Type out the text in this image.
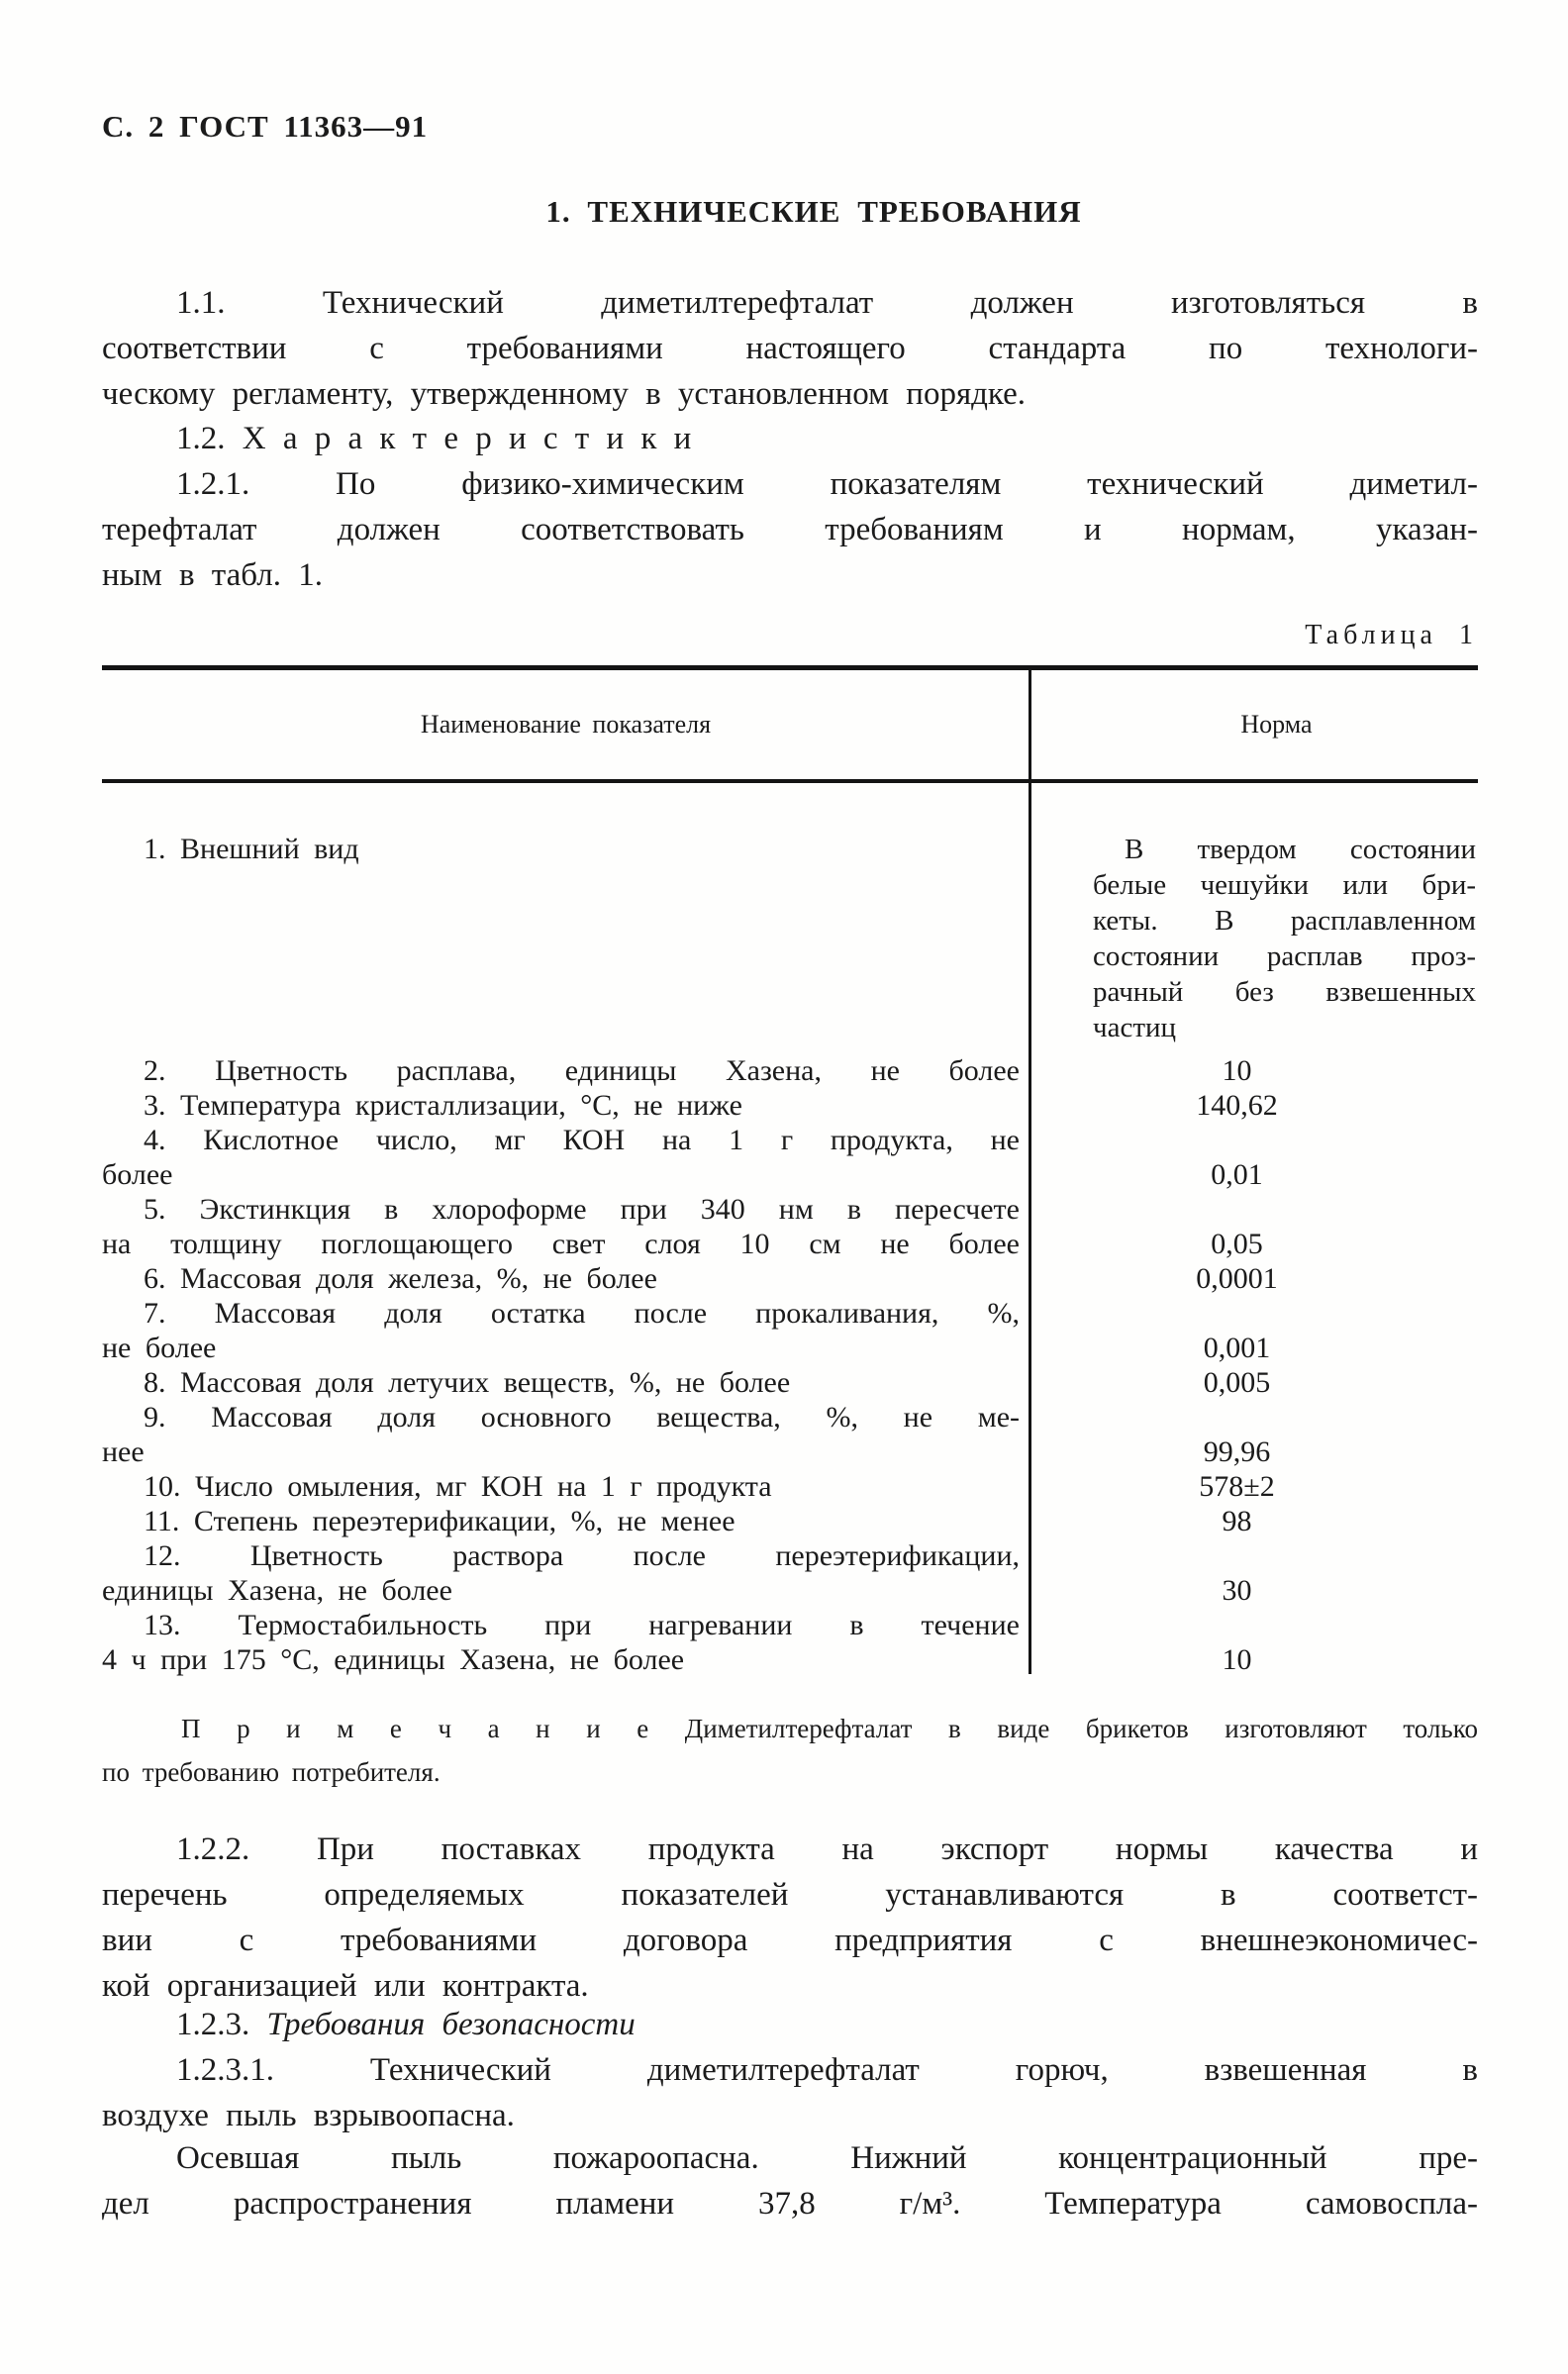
С. 2 ГОСТ 11363—91
1. ТЕХНИЧЕСКИЕ ТРЕБОВАНИЯ
1.1. Технический диметилтерефталат должен изготовляться в
соответствии с требованиями настоящего стандарта по технологи-
ческому регламенту, утвержденному в установленном порядке.
1.2. Х а р а к т е р и с т и к и
1.2.1. По физико-химическим показателям технический диметил-
терефталат должен соответствовать требованиям и нормам, указан-
ным в табл. 1.
Таблица 1
Наименование показателя	Норма
1. Внешний вид	В твердом состоянии
белые чешуйки или бри-
кеты. В расплавленном
состоянии расплав проз-
рачный без взвешенных
частиц
2. Цветность расплава, единицы Хазена, не более	10
3. Температура кристаллизации, °С, не ниже	140,62
4. Кислотное число, мг КОН на 1 г продукта, не
более	0,01
5. Экстинкция в хлороформе при 340 нм в пересчете
на толщину поглощающего свет слоя 10 см не более	0,05
6. Массовая доля железа, %, не более	0,0001
7. Массовая доля остатка после прокаливания, %,
не более	0,001
8. Массовая доля летучих веществ, %, не более	0,005
9. Массовая доля основного вещества, %, не ме-
нее	99,96
10. Число омыления, мг КОН на 1 г продукта	578±2
11. Степень переэтерификации, %, не менее	98
12. Цветность раствора после переэтерификации,
единицы Хазена, не более	30
13. Термостабильность при нагревании в течение
4 ч при 175 °С, единицы Хазена, не более	10
П р и м е ч а н и е Диметилтерефталат в виде брикетов изготовляют только
по требованию потребителя.
1.2.2. При поставках продукта на экспорт нормы качества и
перечень определяемых показателей устанавливаются в соответст-
вии с требованиями договора предприятия с внешнеэкономичес-
кой организацией или контракта.
1.2.3. Требования безопасности
1.2.3.1. Технический диметилтерефталат горюч, взвешенная в
воздухе пыль взрывоопасна.
Осевшая пыль пожароопасна. Нижний концентрационный пре-
дел распространения пламени 37,8 г/м³. Температура самовоспла-
